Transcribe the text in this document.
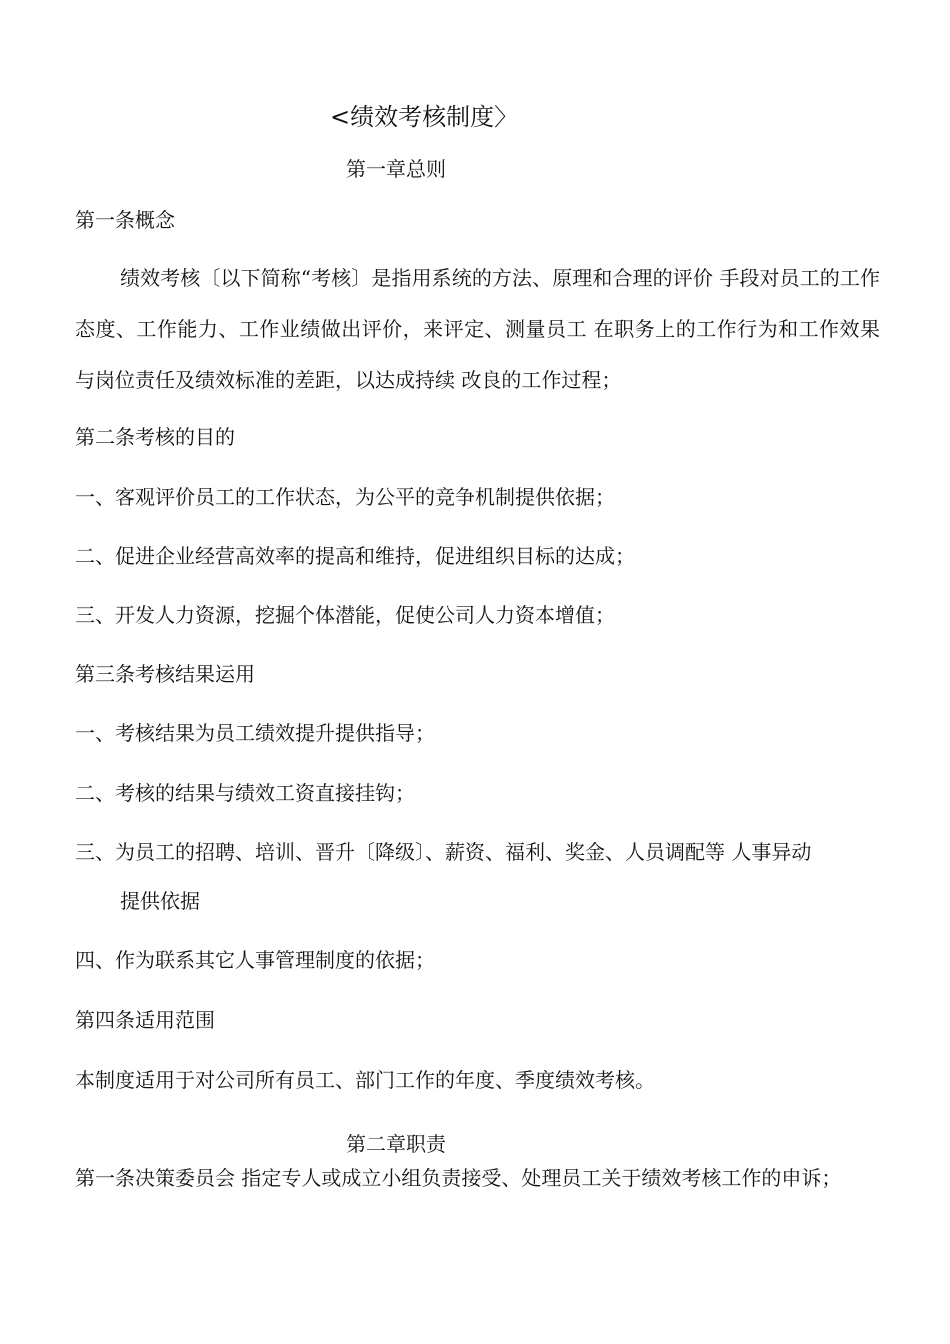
<绩效考核制度〉
第一章总则
第一条概念
绩效考核〔以下简称“考核〕是指用系统的方法、原理和合理的评价 手段对员工的工作态度、工作能力、工作业绩做出评价，来评定、测量员工 在职务上的工作行为和工作效果与岗位责任及绩效标准的差距，以达成持续 改良的工作过程；
第二条考核的目的
一、客观评价员工的工作状态，为公平的竞争机制提供依据；
二、促进企业经营高效率的提高和维持，促进组织目标的达成；
三、开发人力资源，挖掘个体潜能，促使公司人力资本增值；
第三条考核结果运用
一、考核结果为员工绩效提升提供指导；
二、考核的结果与绩效工资直接挂钩；
三、为员工的招聘、培训、晋升〔降级〕、薪资、福利、奖金、人员调配等 人事异动
提供依据
四、作为联系其它人事管理制度的依据；
第四条适用范围
本制度适用于对公司所有员工、部门工作的年度、季度绩效考核。
第二章职责
第一条决策委员会 指定专人或成立小组负责接受、处理员工关于绩效考核工作的申诉；
